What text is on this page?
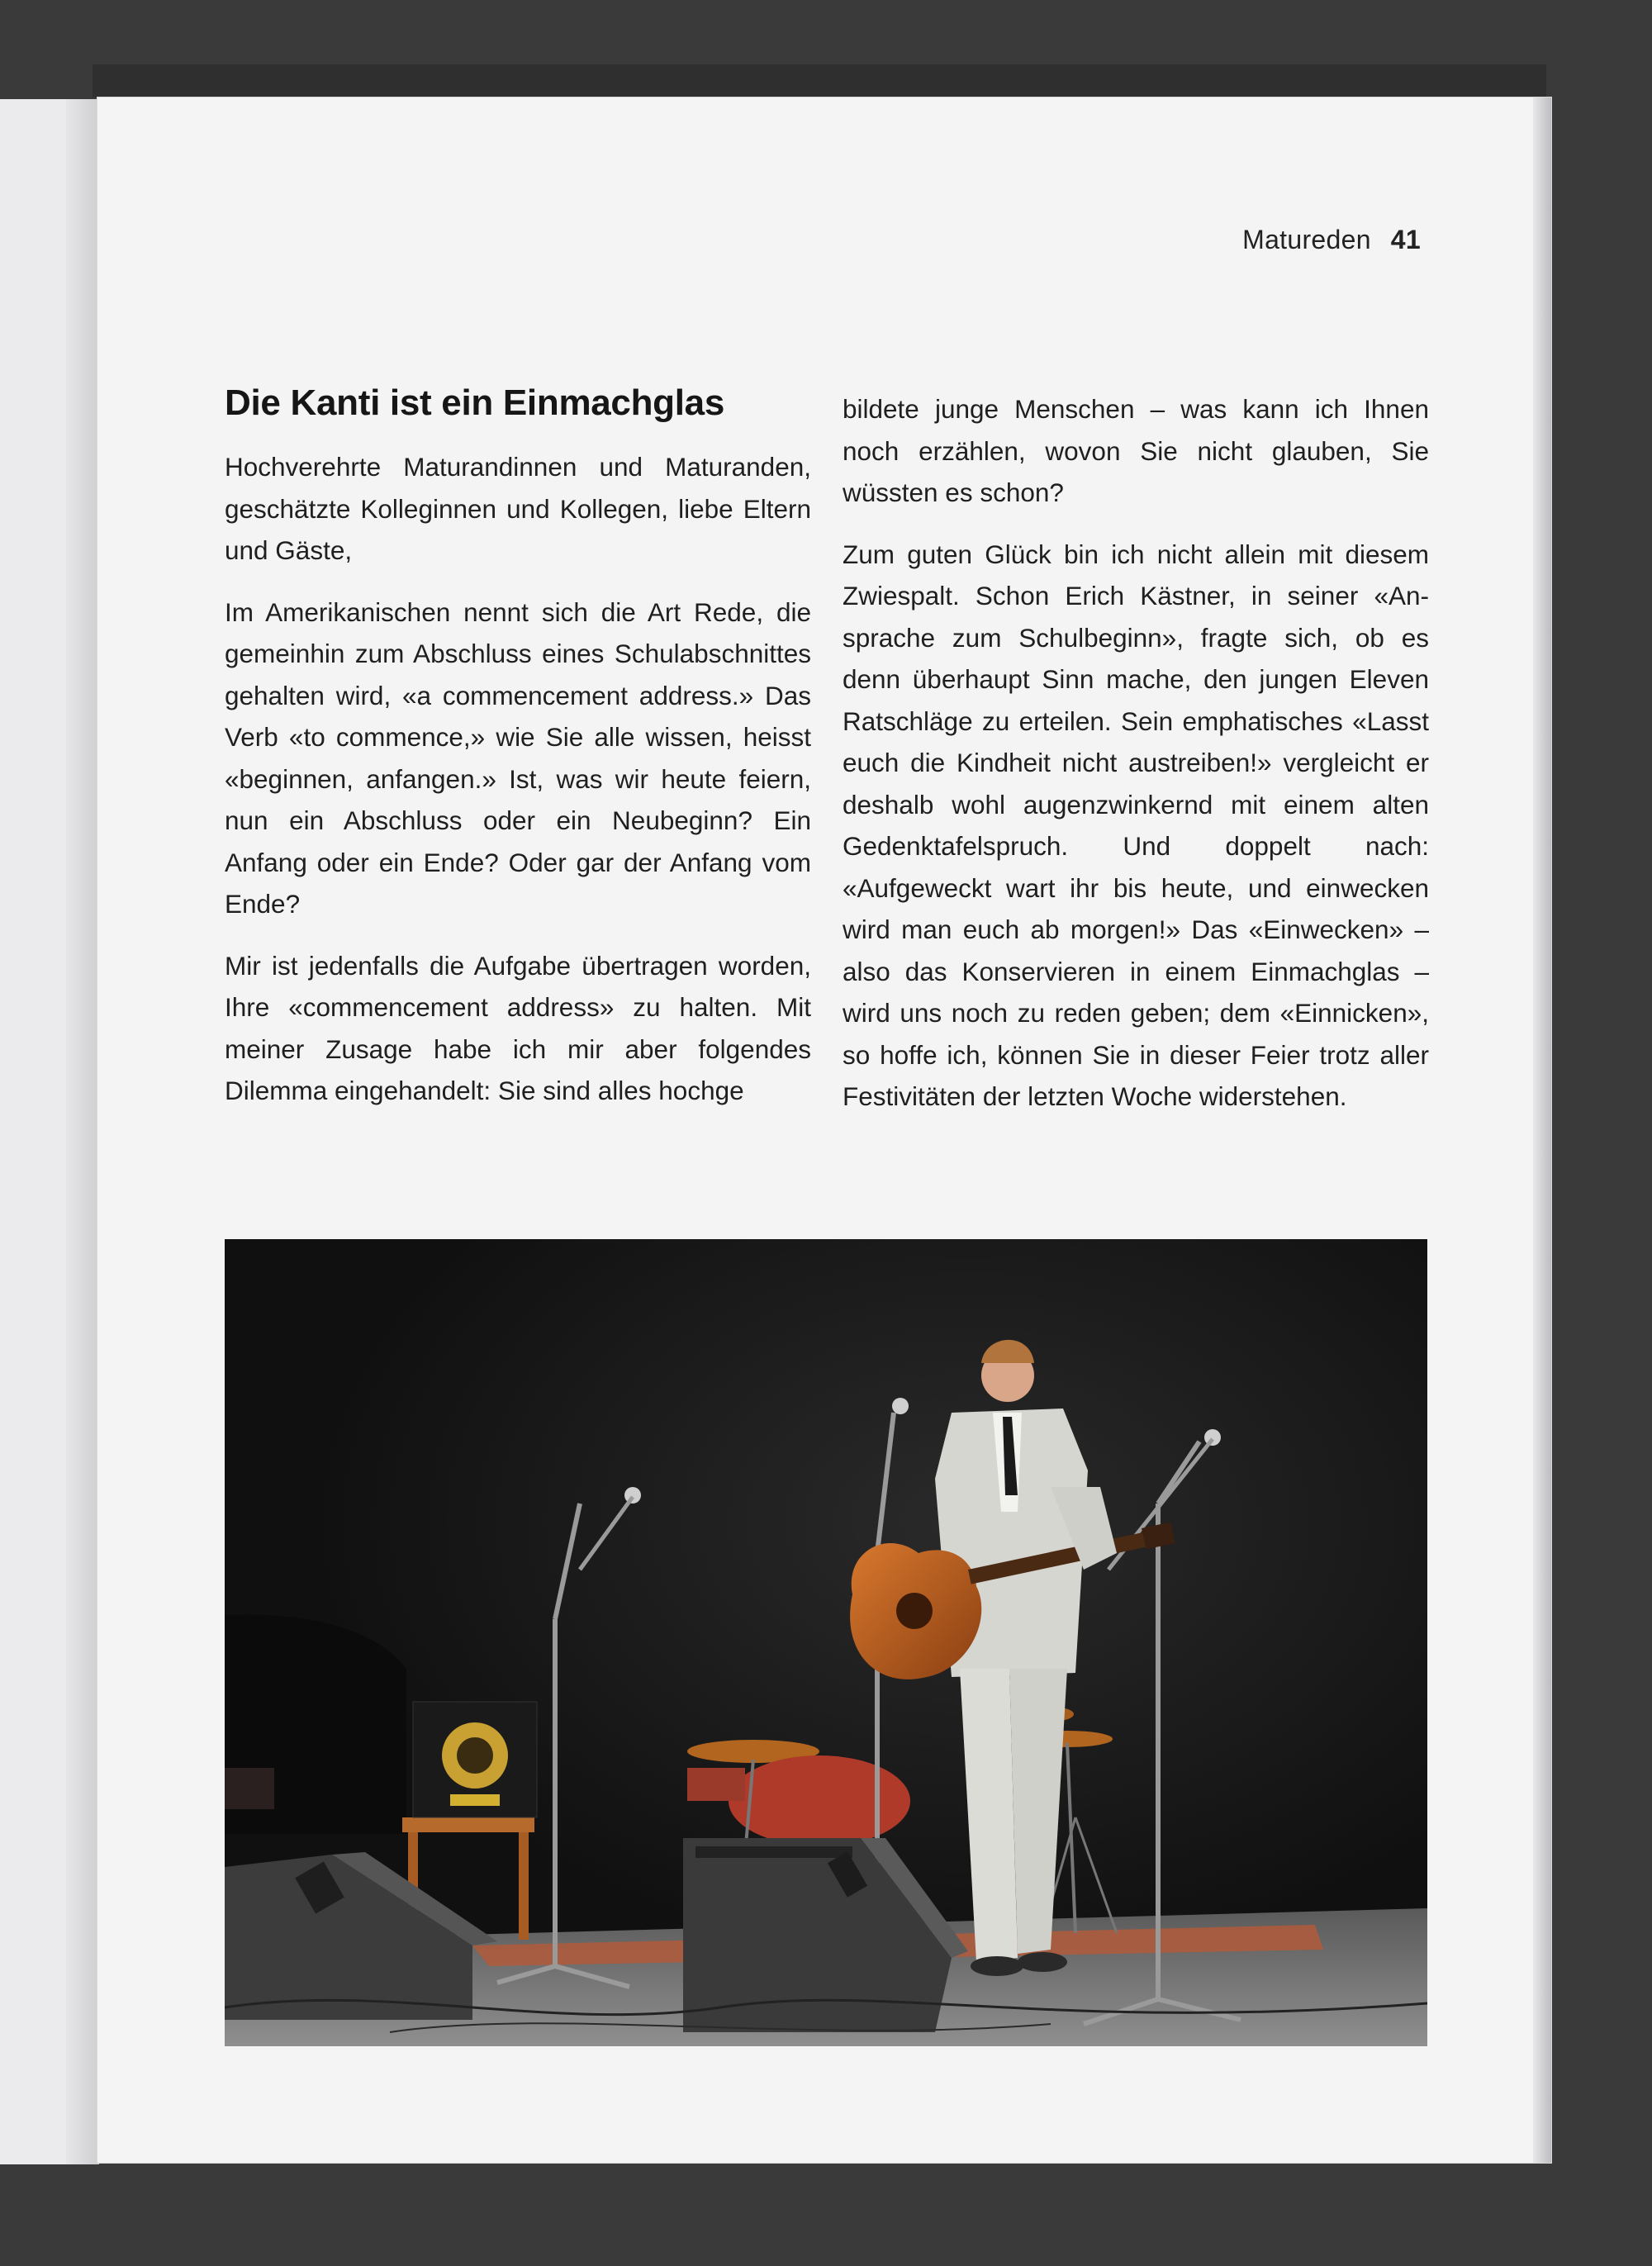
Matureden 41
Die Kanti ist ein Einmachglas

Hochverehrte Maturandinnen und Maturanden, geschätzte Kolleginnen und Kollegen, liebe Eltern und Gäste,

Im Amerikanischen nennt sich die Art Rede, die gemeinhin zum Abschluss eines Schulabschnittes gehalten wird, «a commencement address.» Das Verb «to commence,» wie Sie alle wissen, heisst «beginnen, anfangen.» Ist, was wir heute feiern, nun ein Abschluss oder ein Neubeginn? Ein Anfang oder ein Ende? Oder gar der Anfang vom Ende?

Mir ist jedenfalls die Aufgabe übertragen worden, Ihre «commencement address» zu halten. Mit meiner Zusage habe ich mir aber folgendes Dilemma eingehandelt: Sie sind alles hochge

bildete junge Menschen – was kann ich Ihnen noch erzählen, wovon Sie nicht glauben, Sie wüssten es schon?

Zum guten Glück bin ich nicht allein mit diesem Zwiespalt. Schon Erich Kästner, in seiner «Ansprache zum Schulbeginn», fragte sich, ob es denn überhaupt Sinn mache, den jungen Eleven Ratschläge zu erteilen. Sein emphatisches «Lasst euch die Kindheit nicht austreiben!» vergleicht er deshalb wohl augenzwinkernd mit einem alten Gedenktafelspruch. Und doppelt nach: «Aufgeweckt wart ihr bis heute, und einwecken wird man euch ab morgen!» Das «Einwecken» – also das Konservieren in einem Einmachglas – wird uns noch zu reden geben; dem «Einnicken», so hoffe ich, können Sie in dieser Feier trotz aller Festivitäten der letzten Woche widerstehen.
